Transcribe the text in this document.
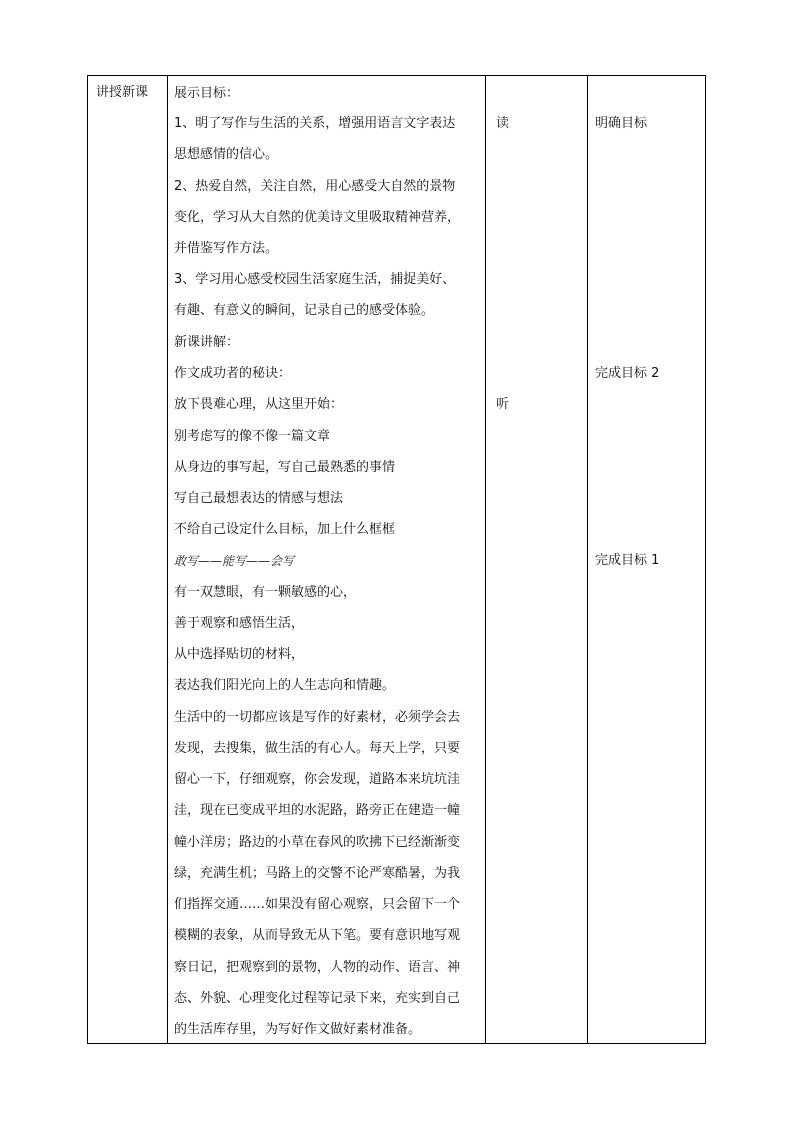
讲授新课 展示目标：
1、明了写作与生活的关系，增强用语言文字表达
思想感情的信心。
2、热爱自然，关注自然，用心感受大自然的景物
变化，学习从大自然的优美诗文里吸取精神营养，
并借鉴写作方法。
3、学习用心感受校园生活家庭生活，捕捉美好、
有趣、有意义的瞬间，记录自己的感受体验。
新课讲解：
作文成功者的秘诀：
放下畏难心理，从这里开始：
别考虑写的像不像一篇文章
从身边的事写起，写自己最熟悉的事情
写自己最想表达的情感与想法
不给自己设定什么目标，加上什么框框
敢写——能写——会写
有一双慧眼，有一颗敏感的心，
善于观察和感悟生活，
从中选择贴切的材料，
表达我们阳光向上的人生志向和情趣。
生活中的一切都应该是写作的好素材，必须学会去
发现，去搜集，做生活的有心人。每天上学，只要
留心一下，仔细观察，你会发现，道路本来坑坑洼
洼，现在已变成平坦的水泥路，路旁正在建造一幢
幢小洋房；路边的小草在春风的吹拂下已经渐渐变
绿，充满生机；马路上的交警不论严寒酷暑，为我
们指挥交通……如果没有留心观察，只会留下一个
模糊的表象，从而导致无从下笔。要有意识地写观
察日记，把观察到的景物，人物的动作、语言、神
态、外貌、心理变化过程等记录下来，充实到自己
的生活库存里，为写好作文做好素材准备。
读
听
明确目标
完成目标 2
完成目标 1
